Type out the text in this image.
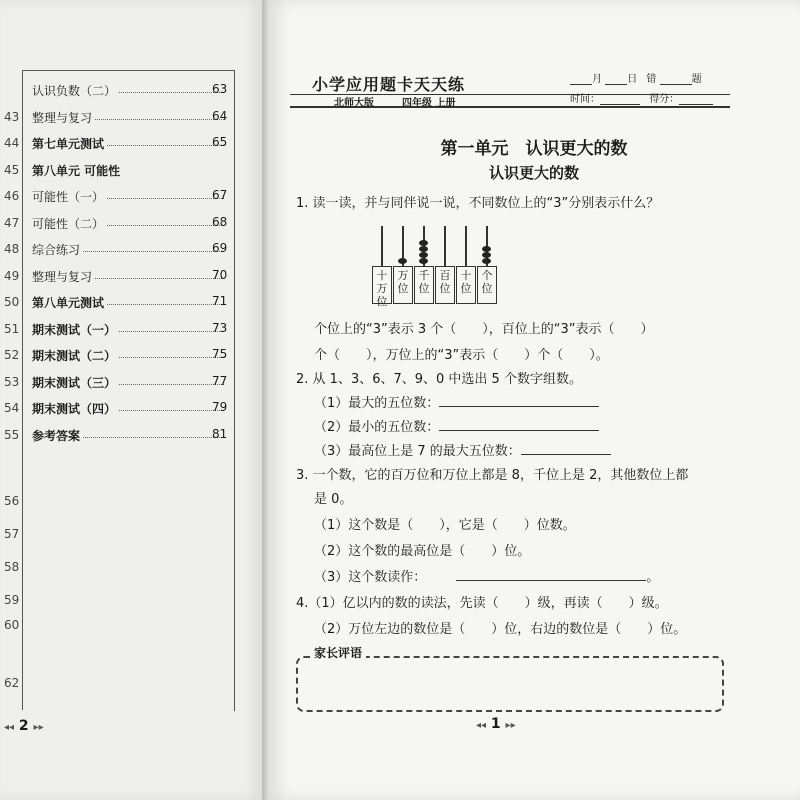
认识负数（二）	63
43 整理与复习	64
44 第七单元测试	65
45 第八单元 可能性
46 可能性（一）	67
47 可能性（二）	68
48 综合练习	69
49 整理与复习	70
50 第八单元测试	71
51 期末测试（一）	73
52 期末测试（二）	75
53 期末测试（三）	77
54 期末测试（四）	79
55 参考答案	81
56
57
58
59
60
62
◂◂ 2 ▸▸
小学应用题卡天天练
北师大版	四年级 上册
月	日 错	题
时间：	得分：
第一单元　认识更大的数
认识更大的数
1. 读一读，并与同伴说一说，不同数位上的“3”分别表示什么？
十万位
万位
千位
百位
十位
个位
个位上的“3”表示 3 个（　　），百位上的“3”表示（　　）
个（　　），万位上的“3”表示（　　）个（　　）。
2. 从 1、3、6、7、9、0 中选出 5 个数字组数。
（1）最大的五位数：
（2）最小的五位数：
（3）最高位上是 7 的最大五位数：
3. 一个数，它的百万位和万位上都是 8，千位上是 2，其他数位上都
是 0。
（1）这个数是（　　），它是（　　）位数。
（2）这个数的最高位是（　　）位。
（3）这个数读作：	。
4.（1）亿以内的数的读法，先读（　　）级，再读（　　）级。
（2）万位左边的数位是（　　）位，右边的数位是（　　）位。
家长评语
◂◂ 1 ▸▸
